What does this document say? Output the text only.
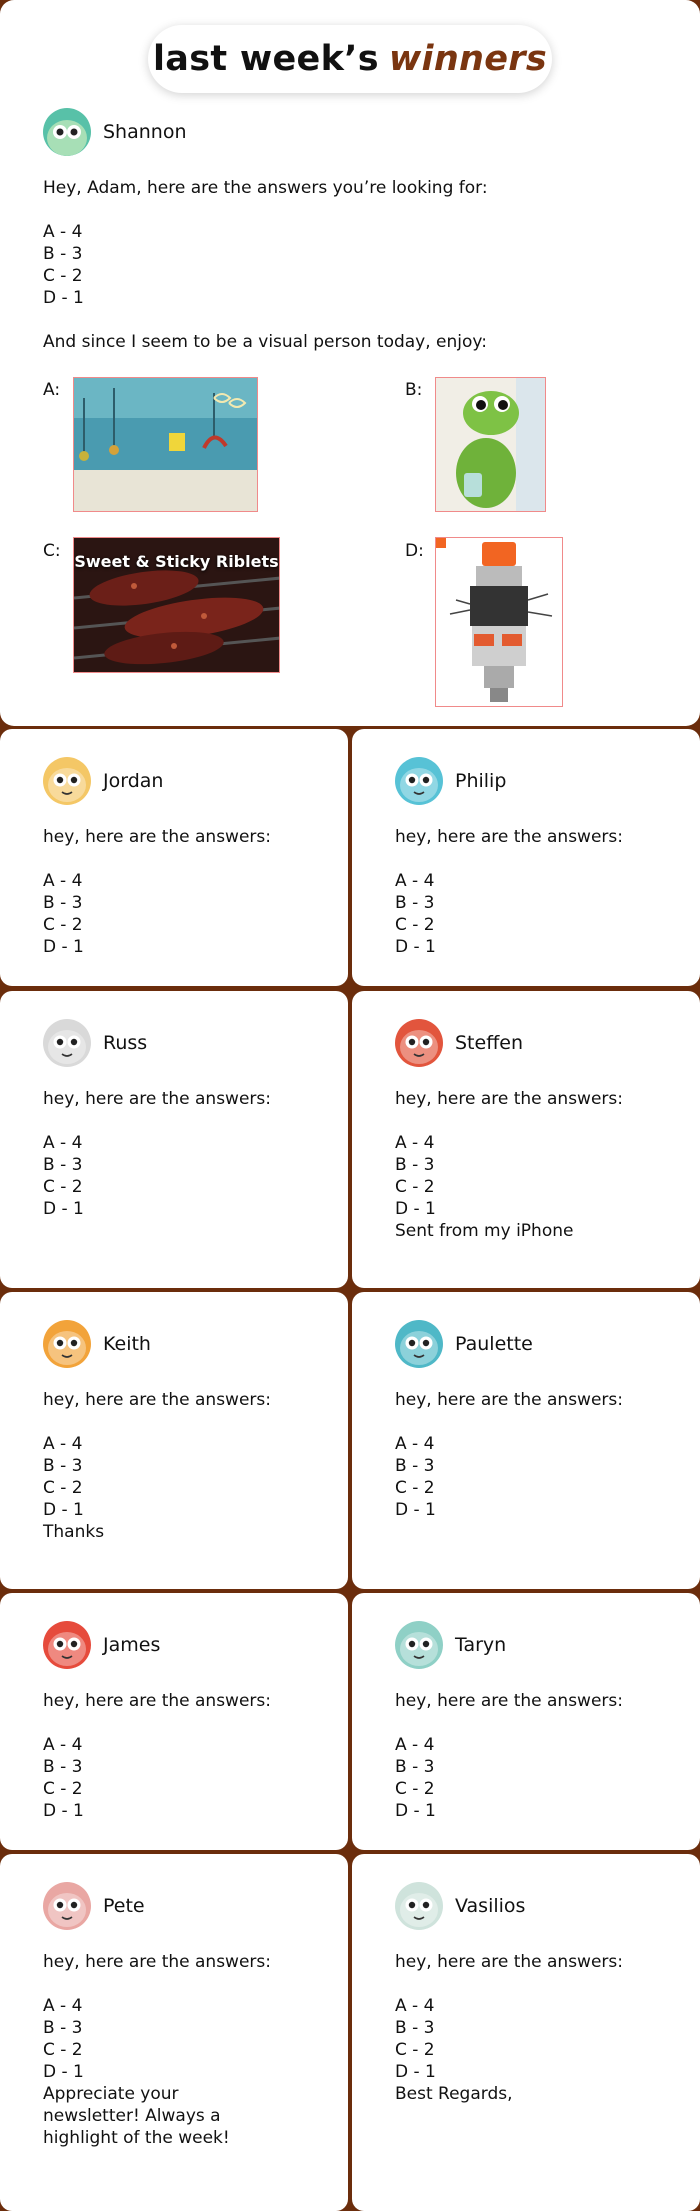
last week’s winners
Shannon
Hey, Adam, here are the answers you’re looking for:
A - 4
B - 3
C - 2
D - 1
And since I seem to be a visual person today, enjoy:
A:	B:
C:
Sweet & Sticky Riblets
D:
Jordan
hey, here are the answers:
A - 4
B - 3
C - 2
D - 1
Philip
hey, here are the answers:
A - 4
B - 3
C - 2
D - 1
Russ
hey, here are the answers:
A - 4
B - 3
C - 2
D - 1
Steffen
hey, here are the answers:
A - 4
B - 3
C - 2
D - 1
Sent from my iPhone
Keith
hey, here are the answers:
A - 4
B - 3
C - 2
D - 1
Thanks
Paulette
hey, here are the answers:
A - 4
B - 3
C - 2
D - 1
James
hey, here are the answers:
A - 4
B - 3
C - 2
D - 1
Taryn
hey, here are the answers:
A - 4
B - 3
C - 2
D - 1
Pete
hey, here are the answers:
A - 4
B - 3
C - 2
D - 1
Appreciate your
newsletter! Always a
highlight of the week!
Vasilios
hey, here are the answers:
A - 4
B - 3
C - 2
D - 1
Best Regards,
